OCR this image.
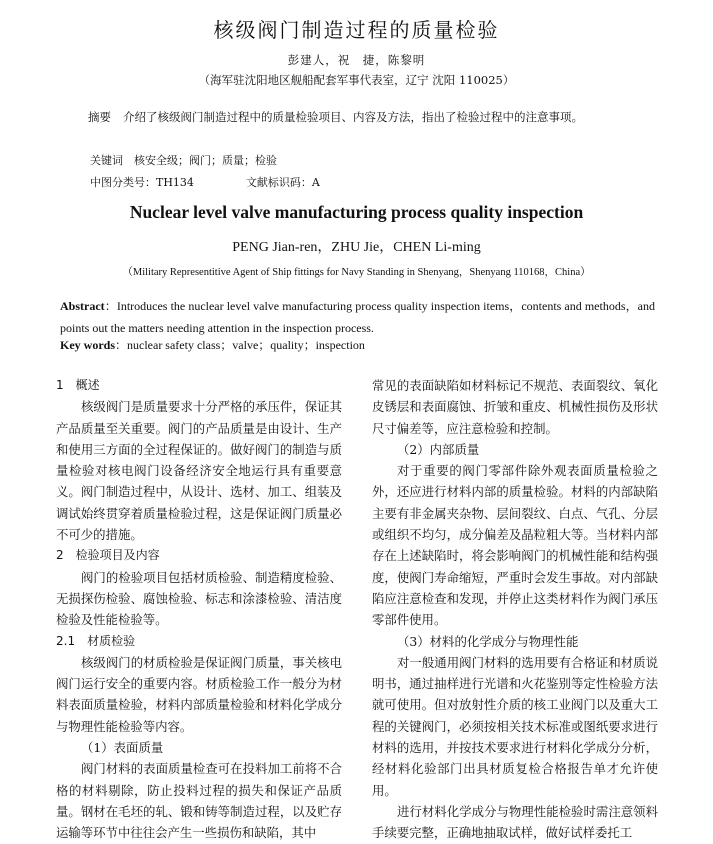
核级阀门制造过程的质量检验
彭建人，祝　捷，陈黎明
（海军驻沈阳地区舰船配套军事代表室，辽宁 沈阳 110025）
摘要 介绍了核级阀门制造过程中的质量检验项目、内容及方法，指出了检验过程中的注意事项。
关键词　核安全级；阀门；质量；检验
中图分类号：TH134	文献标识码：A
Nuclear level valve manufacturing process quality inspection
PENG Jian-ren，ZHU Jie，CHEN Li-ming
（Military Representitive Agent of Ship fittings for Navy Standing in Shenyang，Shenyang 110168，China）
Abstract：Introduces the nuclear level valve manufacturing process quality inspection items，contents and methods，and points out the matters needing attention in the inspection process.
Key words：nuclear safety class；valve；quality；inspection

1　概述

核级阀门是质量要求十分严格的承压件，保证其产品质量至关重要。阀门的产品质量是由设计、生产和使用三方面的全过程保证的。做好阀门的制造与质量检验对核电阀门设备经济安全地运行具有重要意义。阀门制造过程中，从设计、选材、加工、组装及调试始终贯穿着质量检验过程，这是保证阀门质量必不可少的措施。

2　检验项目及内容

阀门的检验项目包括材质检验、制造精度检验、无损探伤检验、腐蚀检验、标志和涂漆检验、清洁度检验及性能检验等。

2.1　材质检验

核级阀门的材质检验是保证阀门质量，事关核电阀门运行安全的重要内容。材质检验工作一般分为材料表面质量检验，材料内部质量检验和材料化学成分与物理性能检验等内容。

（1）表面质量

阀门材料的表面质量检查可在投料加工前将不合格的材料剔除，防止投料过程的损失和保证产品质量。钢材在毛坯的轧、锻和铸等制造过程，以及贮存运输等环节中往往会产生一些损伤和缺陷，其中

常见的表面缺陷如材料标记不规范、表面裂纹、氧化皮锈层和表面腐蚀、折皱和重皮、机械性损伤及形状尺寸偏差等，应注意检验和控制。

（2）内部质量

对于重要的阀门零部件除外观表面质量检验之外，还应进行材料内部的质量检验。材料的内部缺陷主要有非金属夹杂物、层间裂纹、白点、气孔、分层或组织不均匀，成分偏差及晶粒粗大等。当材料内部存在上述缺陷时，将会影响阀门的机械性能和结构强度，使阀门寿命缩短，严重时会发生事故。对内部缺陷应注意检查和发现，并停止这类材料作为阀门承压零部件使用。

（3）材料的化学成分与物理性能

对一般通用阀门材料的选用要有合格证和材质说明书，通过抽样进行光谱和火花鉴别等定性检验方法就可使用。但对放射性介质的核工业阀门以及重大工程的关键阀门，必须按相关技术标准或图纸要求进行材料的选用，并按技术要求进行材料化学成分分析，经材料化验部门出具材质复检合格报告单才允许使用。

进行材料化学成分与物理性能检验时需注意领料手续要完整，正确地抽取试样，做好试样委托工
